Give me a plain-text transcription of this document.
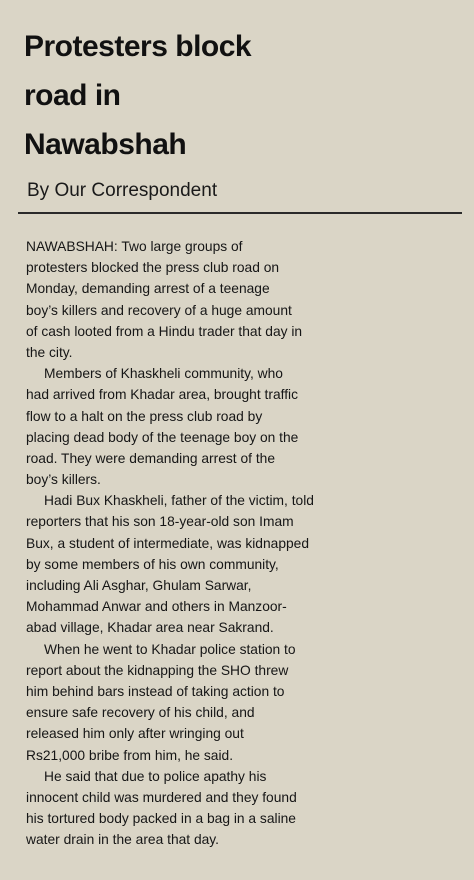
Protesters block
road in
Nawabshah
By Our Correspondent
NAWABSHAH: Two large groups of
protesters blocked the press club road on
Monday, demanding arrest of a teenage
boy’s killers and recovery of a huge amount
of cash looted from a Hindu trader that day in
the city.
Members of Khaskheli community, who
had arrived from Khadar area, brought traffic
flow to a halt on the press club road by
placing dead body of the teenage boy on the
road. They were demanding arrest of the
boy’s killers.
Hadi Bux Khaskheli, father of the victim, told
reporters that his son 18-year-old son Imam
Bux, a student of intermediate, was kidnapped
by some members of his own community,
including Ali Asghar, Ghulam Sarwar,
Mohammad Anwar and others in Manzoor-
abad village, Khadar area near Sakrand.
When he went to Khadar police station to
report about the kidnapping the SHO threw
him behind bars instead of taking action to
ensure safe recovery of his child, and
released him only after wringing out
Rs21,000 bribe from him, he said.
He said that due to police apathy his
innocent child was murdered and they found
his tortured body packed in a bag in a saline
water drain in the area that day.
